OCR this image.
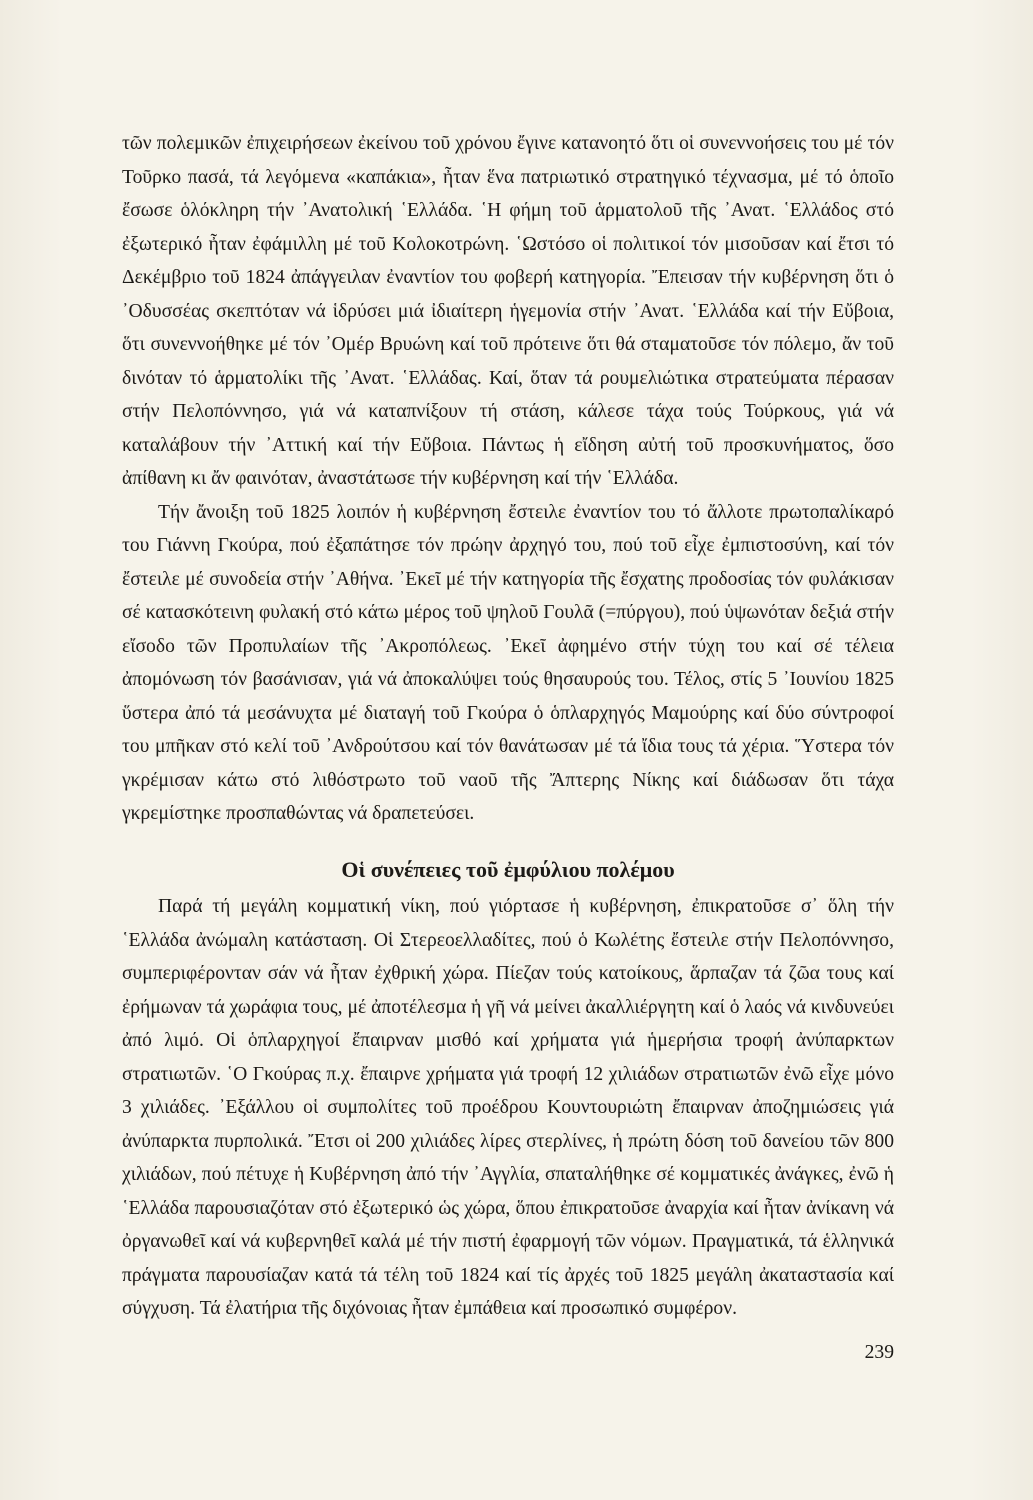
τῶν πολεμικῶν ἐπιχειρήσεων ἐκείνου τοῦ χρόνου ἔγινε κατανοητό ὅτι οἱ συνεννοήσεις του μέ τόν Τοῦρκο πασά, τά λεγόμενα «καπάκια», ἦταν ἕνα πατριωτικό στρατηγικό τέχνασμα, μέ τό ὁποῖο ἔσωσε ὁλόκληρη τήν ᾿Ανατολική ῾Ελλάδα. ῾Η φήμη τοῦ ἁρματολοῦ τῆς ᾿Ανατ. ῾Ελλάδος στό ἐξωτερικό ἦταν ἐφάμιλλη μέ τοῦ Κολοκοτρώνη. ῾Ωστόσο οἱ πολιτικοί τόν μισοῦσαν καί ἔτσι τό Δεκέμβριο τοῦ 1824 ἀπάγγειλαν ἐναντίον του φοβερή κατηγορία. Ἔπεισαν τήν κυβέρνηση ὅτι ὁ ᾿Οδυσσέας σκεπτόταν νά ἱδρύσει μιά ἰδιαίτερη ἡγεμονία στήν ᾿Ανατ. ῾Ελλάδα καί τήν Εὔβοια, ὅτι συνεννοήθηκε μέ τόν ᾿Ομέρ Βρυώνη καί τοῦ πρότεινε ὅτι θά σταματοῦσε τόν πόλεμο, ἄν τοῦ δινόταν τό ἁρματολίκι τῆς ᾿Ανατ. ῾Ελλάδας. Καί, ὅταν τά ρουμελιώτικα στρατεύματα πέρασαν στήν Πελοπόννησο, γιά νά καταπνίξουν τή στάση, κάλεσε τάχα τούς Τούρκους, γιά νά καταλάβουν τήν ᾿Αττική καί τήν Εὔβοια. Πάντως ἡ εἴδηση αὐτή τοῦ προσκυνήματος, ὅσο ἀπίθανη κι ἄν φαινόταν, ἀναστάτωσε τήν κυβέρνηση καί τήν ῾Ελλάδα.

Τήν ἄνοιξη τοῦ 1825 λοιπόν ἡ κυβέρνηση ἔστειλε ἐναντίον του τό ἄλλοτε πρωτοπαλίκαρό του Γιάννη Γκούρα, πού ἐξαπάτησε τόν πρώην ἀρχηγό του, πού τοῦ εἶχε ἐμπιστοσύνη, καί τόν ἔστειλε μέ συνοδεία στήν ᾿Αθήνα. ᾿Εκεῖ μέ τήν κατηγορία τῆς ἔσχατης προδοσίας τόν φυλάκισαν σέ κατασκότεινη φυλακή στό κάτω μέρος τοῦ ψηλοῦ Γουλᾶ (=πύργου), πού ὑψωνόταν δεξιά στήν εἴσοδο τῶν Προπυλαίων τῆς ᾿Ακροπόλεως. ᾿Εκεῖ ἀφημένο στήν τύχη του καί σέ τέλεια ἀπομόνωση τόν βασάνισαν, γιά νά ἀποκαλύψει τούς θησαυρούς του. Τέλος, στίς 5 ᾿Ιουνίου 1825 ὕστερα ἀπό τά μεσάνυχτα μέ διαταγή τοῦ Γκούρα ὁ ὁπλαρχηγός Μαμούρης καί δύο σύντροφοί του μπῆκαν στό κελί τοῦ ᾿Ανδρούτσου καί τόν θανάτωσαν μέ τά ἴδια τους τά χέρια. Ὕστερα τόν γκρέμισαν κάτω στό λιθόστρωτο τοῦ ναοῦ τῆς Ἄπτερης Νίκης καί διάδωσαν ὅτι τάχα γκρεμίστηκε προσπαθώντας νά δραπετεύσει.

Οἱ συνέπειες τοῦ ἐμφύλιου πολέμου

Παρά τή μεγάλη κομματική νίκη, πού γιόρτασε ἡ κυβέρνηση, ἐπικρατοῦσε σ᾿ ὅλη τήν ῾Ελλάδα ἀνώμαλη κατάσταση. Οἱ Στερεοελλαδίτες, πού ὁ Κωλέτης ἔστειλε στήν Πελοπόννησο, συμπεριφέρονταν σάν νά ἦταν ἐχθρική χώρα. Πίεζαν τούς κατοίκους, ἅρπαζαν τά ζῶα τους καί ἐρήμωναν τά χωράφια τους, μέ ἀποτέλεσμα ἡ γῆ νά μείνει ἀκαλλιέργητη καί ὁ λαός νά κινδυνεύει ἀπό λιμό. Οἱ ὁπλαρχηγοί ἔπαιρναν μισθό καί χρήματα γιά ἡμερήσια τροφή ἀνύπαρκτων στρατιωτῶν. ῾Ο Γκούρας π.χ. ἔπαιρνε χρήματα γιά τροφή 12 χιλιάδων στρατιωτῶν ἐνῶ εἶχε μόνο 3 χιλιάδες. ᾿Εξάλλου οἱ συμπολίτες τοῦ προέδρου Κουντουριώτη ἔπαιρναν ἀποζημιώσεις γιά ἀνύπαρκτα πυρπολικά. Ἔτσι οἱ 200 χιλιάδες λίρες στερλίνες, ἡ πρώτη δόση τοῦ δανείου τῶν 800 χιλιάδων, πού πέτυχε ἡ Κυβέρνηση ἀπό τήν ᾿Αγγλία, σπαταλήθηκε σέ κομματικές ἀνάγκες, ἐνῶ ἡ ῾Ελλάδα παρουσιαζόταν στό ἐξωτερικό ὡς χώρα, ὅπου ἐπικρατοῦσε ἀναρχία καί ἦταν ἀνίκανη νά ὀργανωθεῖ καί νά κυβερνηθεῖ καλά μέ τήν πιστή ἐφαρμογή τῶν νόμων. Πραγματικά, τά ἑλληνικά πράγματα παρουσίαζαν κατά τά τέλη τοῦ 1824 καί τίς ἀρχές τοῦ 1825 μεγάλη ἀκαταστασία καί σύγχυση. Τά ἐλατήρια τῆς διχόνοιας ἦταν ἐμπάθεια καί προσωπικό συμφέρον.

239
